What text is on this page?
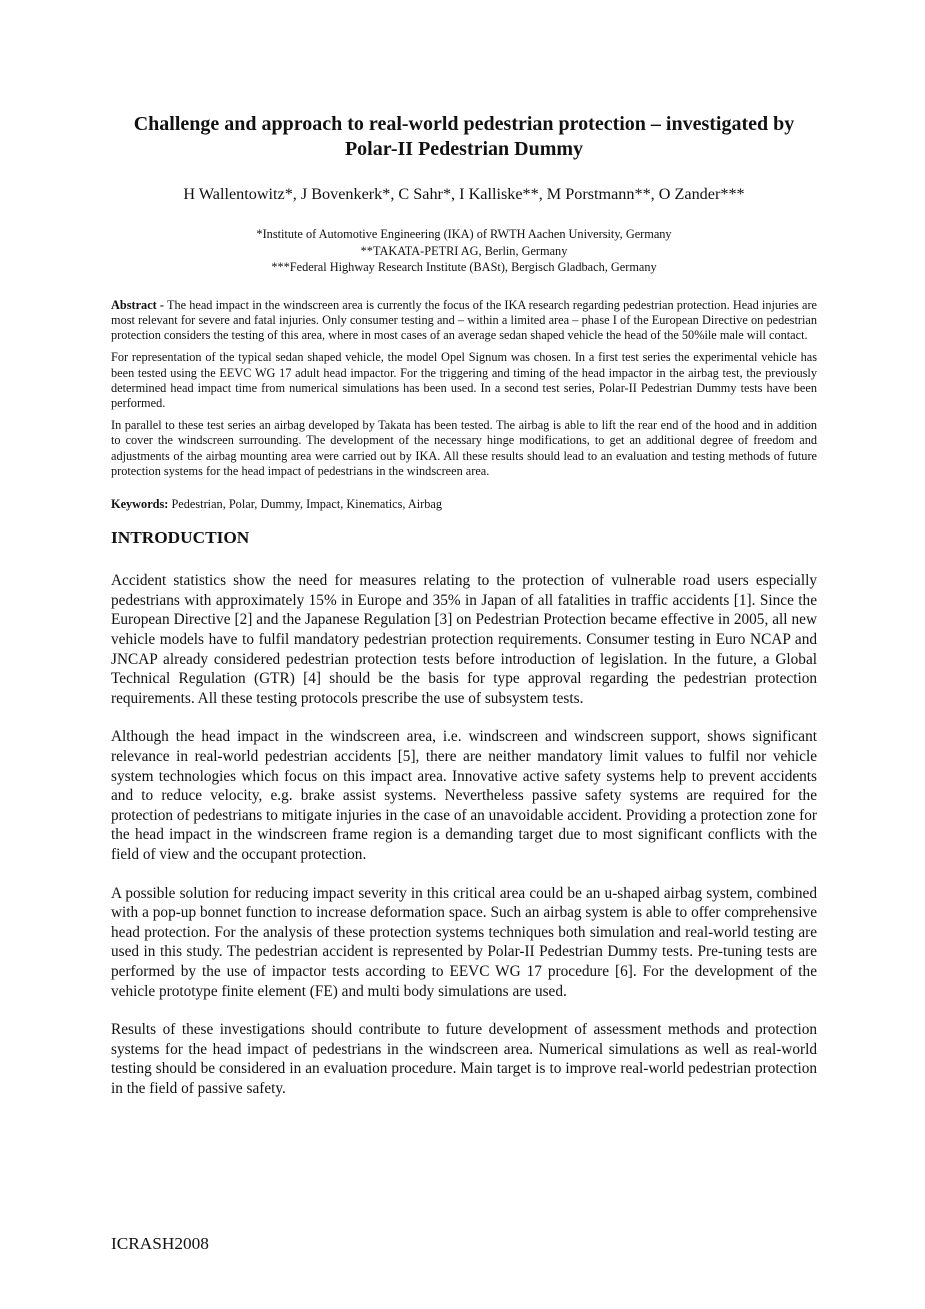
Challenge and approach to real-world pedestrian protection – investigated by Polar-II Pedestrian Dummy
H Wallentowitz*, J Bovenkerk*, C Sahr*, I Kalliske**, M Porstmann**, O Zander***
*Institute of Automotive Engineering (IKA) of RWTH Aachen University, Germany
**TAKATA-PETRI AG, Berlin, Germany
***Federal Highway Research Institute (BASt), Bergisch Gladbach, Germany

Abstract - The head impact in the windscreen area is currently the focus of the IKA research regarding pedestrian protection. Head injuries are most relevant for severe and fatal injuries. Only consumer testing and – within a limited area – phase I of the European Directive on pedestrian protection considers the testing of this area, where in most cases of an average sedan shaped vehicle the head of the 50%ile male will contact.

For representation of the typical sedan shaped vehicle, the model Opel Signum was chosen. In a first test series the experimental vehicle has been tested using the EEVC WG 17 adult head impactor. For the triggering and timing of the head impactor in the airbag test, the previously determined head impact time from numerical simulations has been used. In a second test series, Polar-II Pedestrian Dummy tests have been performed.

In parallel to these test series an airbag developed by Takata has been tested. The airbag is able to lift the rear end of the hood and in addition to cover the windscreen surrounding. The development of the necessary hinge modifications, to get an additional degree of freedom and adjustments of the airbag mounting area were carried out by IKA. All these results should lead to an evaluation and testing methods of future protection systems for the head impact of pedestrians in the windscreen area.

Keywords: Pedestrian, Polar, Dummy, Impact, Kinematics, Airbag
INTRODUCTION

Accident statistics show the need for measures relating to the protection of vulnerable road users especially pedestrians with approximately 15% in Europe and 35% in Japan of all fatalities in traffic accidents [1]. Since the European Directive [2] and the Japanese Regulation [3] on Pedestrian Protection became effective in 2005, all new vehicle models have to fulfil mandatory pedestrian protection requirements. Consumer testing in Euro NCAP and JNCAP already considered pedestrian protection tests before introduction of legislation. In the future, a Global Technical Regulation (GTR) [4] should be the basis for type approval regarding the pedestrian protection requirements. All these testing protocols prescribe the use of subsystem tests.

Although the head impact in the windscreen area, i.e. windscreen and windscreen support, shows significant relevance in real-world pedestrian accidents [5], there are neither mandatory limit values to fulfil nor vehicle system technologies which focus on this impact area. Innovative active safety systems help to prevent accidents and to reduce velocity, e.g. brake assist systems. Nevertheless passive safety systems are required for the protection of pedestrians to mitigate injuries in the case of an unavoidable accident. Providing a protection zone for the head impact in the windscreen frame region is a demanding target due to most significant conflicts with the field of view and the occupant protection.

A possible solution for reducing impact severity in this critical area could be an u-shaped airbag system, combined with a pop-up bonnet function to increase deformation space. Such an airbag system is able to offer comprehensive head protection. For the analysis of these protection systems techniques both simulation and real-world testing are used in this study. The pedestrian accident is represented by Polar-II Pedestrian Dummy tests. Pre-tuning tests are performed by the use of impactor tests according to EEVC WG 17 procedure [6]. For the development of the vehicle prototype finite element (FE) and multi body simulations are used.

Results of these investigations should contribute to future development of assessment methods and protection systems for the head impact of pedestrians in the windscreen area. Numerical simulations as well as real-world testing should be considered in an evaluation procedure. Main target is to improve real-world pedestrian protection in the field of passive safety.

ICRASH2008
